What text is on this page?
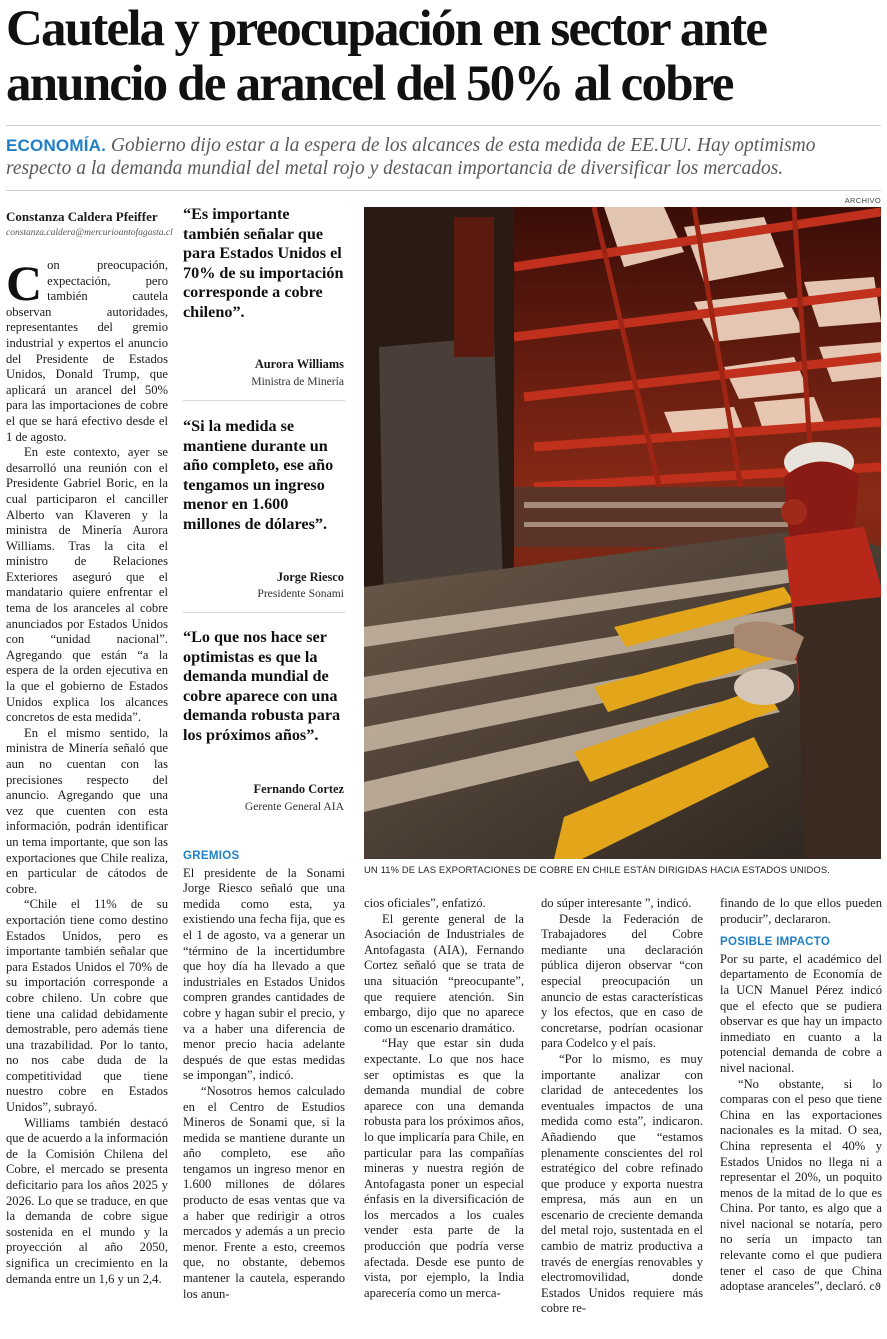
Cautela y preocupación en sector ante anuncio de arancel del 50% al cobre

ECONOMÍA. Gobierno dijo estar a la espera de los alcances de esta medida de EE.UU. Hay optimismo respecto a la demanda mundial del metal rojo y destacan importancia de diversificar los mercados.

Constanza Caldera Pfeiffer
constanza.caldera@mercurioantofagasta.cl

Con preocupación, expectación, pero también cautela observan autoridades, representantes del gremio industrial y expertos el anuncio del Presidente de Estados Unidos, Donald Trump, que aplicará un arancel del 50% para las importaciones de cobre el que se hará efectivo desde el 1 de agosto.

En este contexto, ayer se desarrolló una reunión con el Presidente Gabriel Boric, en la cual participaron el canciller Alberto van Klaveren y la ministra de Minería Aurora Williams. Tras la cita el ministro de Relaciones Exteriores aseguró que el mandatario quiere enfrentar el tema de los aranceles al cobre anunciados por Estados Unidos con “unidad nacional”. Agregando que están “a la espera de la orden ejecutiva en la que el gobierno de Estados Unidos explica los alcances concretos de esta medida”.

En el mismo sentido, la ministra de Minería señaló que aun no cuentan con las precisiones respecto del anuncio. Agregando que una vez que cuenten con esta información, podrán identificar un tema importante, que son las exportaciones que Chile realiza, en particular de cátodos de cobre.

“Chile el 11% de su exportación tiene como destino Estados Unidos, pero es importante también señalar que para Estados Unidos el 70% de su importación corresponde a cobre chileno. Un cobre que tiene una calidad debidamente demostrable, pero además tiene una trazabilidad. Por lo tanto, no nos cabe duda de la competitividad que tiene nuestro cobre en Estados Unidos”, subrayó.

Williams también destacó que de acuerdo a la información de la Comisión Chilena del Cobre, el mercado se presenta deficitario para los años 2025 y 2026. Lo que se traduce, en que la demanda de cobre sigue sostenida en el mundo y la proyección al año 2050, significa un crecimiento en la demanda entre un 1,6 y un 2,4.

“Es importante también señalar que para Estados Unidos el 70% de su importación corresponde a cobre chileno”.
Aurora Williams
Ministra de Minería
“Si la medida se mantiene durante un año completo, ese año tengamos un ingreso menor en 1.600 millones de dólares”.
Jorge Riesco
Presidente Sonami
“Lo que nos hace ser optimistas es que la demanda mundial de cobre aparece con una demanda robusta para los próximos años”.
Fernando Cortez
Gerente General AIA
ARCHIVO
UN 11% DE LAS EXPORTACIONES DE COBRE EN CHILE ESTÁN DIRIGIDAS HACIA ESTADOS UNIDOS.

GREMIOS

El presidente de la Sonami Jorge Riesco señaló que una medida como esta, ya existiendo una fecha fija, que es el 1 de agosto, va a generar un “término de la incertidumbre que hoy día ha llevado a que industriales en Estados Unidos compren grandes cantidades de cobre y hagan subir el precio, y va a haber una diferencia de menor precio hacia adelante después de que estas medidas se impongan”, indicó.

“Nosotros hemos calculado en el Centro de Estudios Mineros de Sonami que, si la medida se mantiene durante un año completo, ese año tengamos un ingreso menor en 1.600 millones de dólares producto de esas ventas que va a haber que redirigir a otros mercados y además a un precio menor. Frente a esto, creemos que, no obstante, debemos mantener la cautela, esperando los anun-

cios oficiales”, enfatizó.

El gerente general de la Asociación de Industriales de Antofagasta (AIA), Fernando Cortez señaló que se trata de una situación “preocupante”, que requiere atención. Sin embargo, dijo que no aparece como un escenario dramático.

“Hay que estar sin duda expectante. Lo que nos hace ser optimistas es que la demanda mundial de cobre aparece con una demanda robusta para los próximos años, lo que implicaría para Chile, en particular para las compañías mineras y nuestra región de Antofagasta poner un especial énfasis en la diversificación de los mercados a los cuales vender esta parte de la producción que podría verse afectada. Desde ese punto de vista, por ejemplo, la India aparecería como un merca-

do súper interesante ”, indicó.

Desde la Federación de Trabajadores del Cobre mediante una declaración pública dijeron observar “con especial preocupación un anuncio de estas características y los efectos, que en caso de concretarse, podrían ocasionar para Codelco y el país.

“Por lo mismo, es muy importante analizar con claridad de antecedentes los eventuales impactos de una medida como esta”, indicaron. Añadiendo que “estamos plenamente conscientes del rol estratégico del cobre refinado que produce y exporta nuestra empresa, más aun en un escenario de creciente demanda del metal rojo, sustentada en el cambio de matriz productiva a través de energías renovables y electromovilidad, donde Estados Unidos requiere más cobre re-

finando de lo que ellos pueden producir”, declararon.

POSIBLE IMPACTO

Por su parte, el académico del departamento de Economía de la UCN Manuel Pérez indicó que el efecto que se pudiera observar es que hay un impacto inmediato en cuanto a la potencial demanda de cobre a nivel nacional.

“No obstante, si lo comparas con el peso que tiene China en las exportaciones nacionales es la mitad. O sea, China representa el 40% y Estados Unidos no llega ni a representar el 20%, un poquito menos de la mitad de lo que es China. Por tanto, es algo que a nivel nacional se notaría, pero no sería un impacto tan relevante como el que pudiera tener el caso de que China adoptase aranceles”, declaró. ᴄϑ
